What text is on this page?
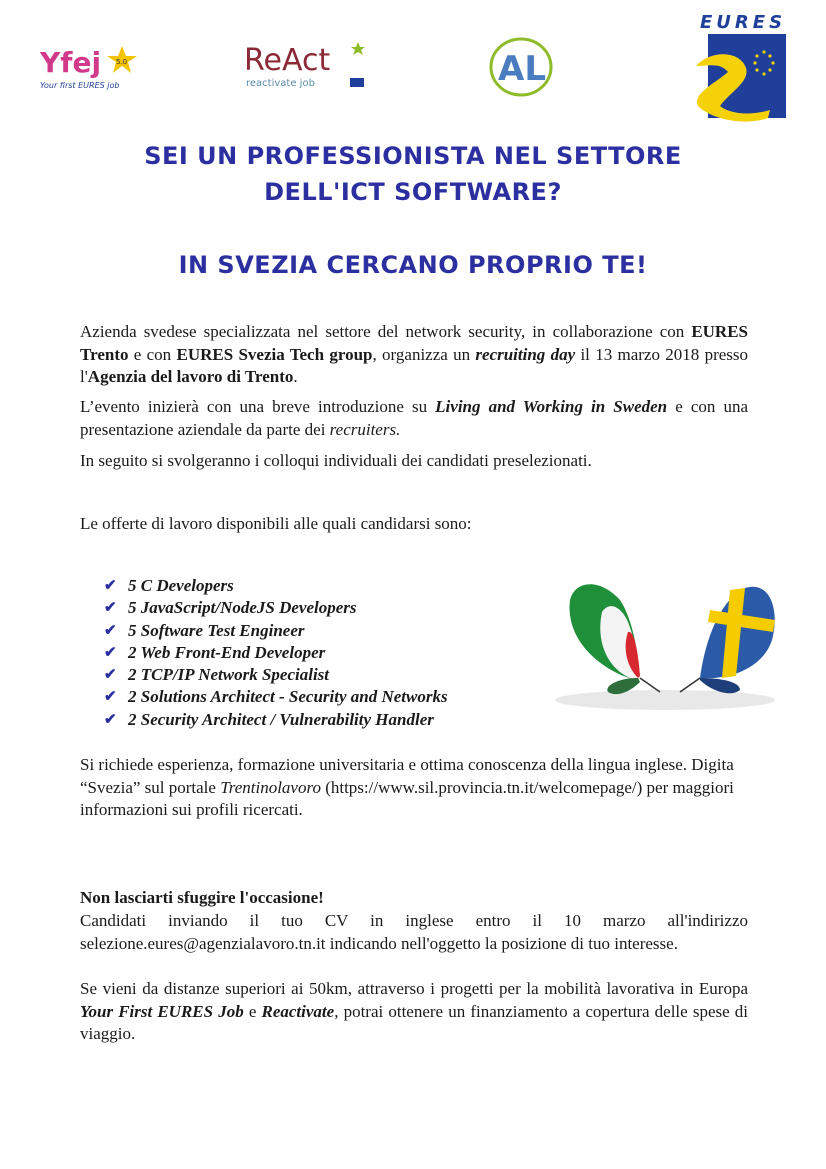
Yfej 5.0
Your first EURES job
ReAct
reactivate job	AL
EURES
SEI UN PROFESSIONISTA NEL SETTORE
DELL'ICT SOFTWARE?
IN SVEZIA CERCANO PROPRIO TE!

Azienda svedese specializzata nel settore del network security, in collaborazione con EURES Trento e con EURES Svezia Tech group, organizza un recruiting day il 13 marzo 2018 presso l'Agenzia del lavoro di Trento.

L’evento inizierà con una breve introduzione su Living and Working in Sweden e con una presentazione aziendale da parte dei recruiters.

In seguito si svolgeranno i colloqui individuali dei candidati preselezionati.

Le offerte di lavoro disponibili alle quali candidarsi sono:

✔ 5 C Developers
✔ 5 JavaScript/NodeJS Developers
✔ 5 Software Test Engineer
✔ 2 Web Front-End Developer
✔ 2 TCP/IP Network Specialist
✔ 2 Solutions Architect - Security and Networks
✔ 2 Security Architect / Vulnerability Handler

Si richiede esperienza, formazione universitaria e ottima conoscenza della lingua inglese. Digita “Svezia” sul portale Trentinolavoro (https://www.sil.provincia.tn.it/welcomepage/) per maggiori informazioni sui profili ricercati.

Non lasciarti sfuggire l'occasione!

Candidati inviando il tuo CV in inglese entro il 10 marzo all'indirizzo selezione.eures@agenzialavoro.tn.it indicando nell'oggetto la posizione di tuo interesse.

Se vieni da distanze superiori ai 50km, attraverso i progetti per la mobilità lavorativa in Europa Your First EURES Job e Reactivate, potrai ottenere un finanziamento a copertura delle spese di viaggio.
